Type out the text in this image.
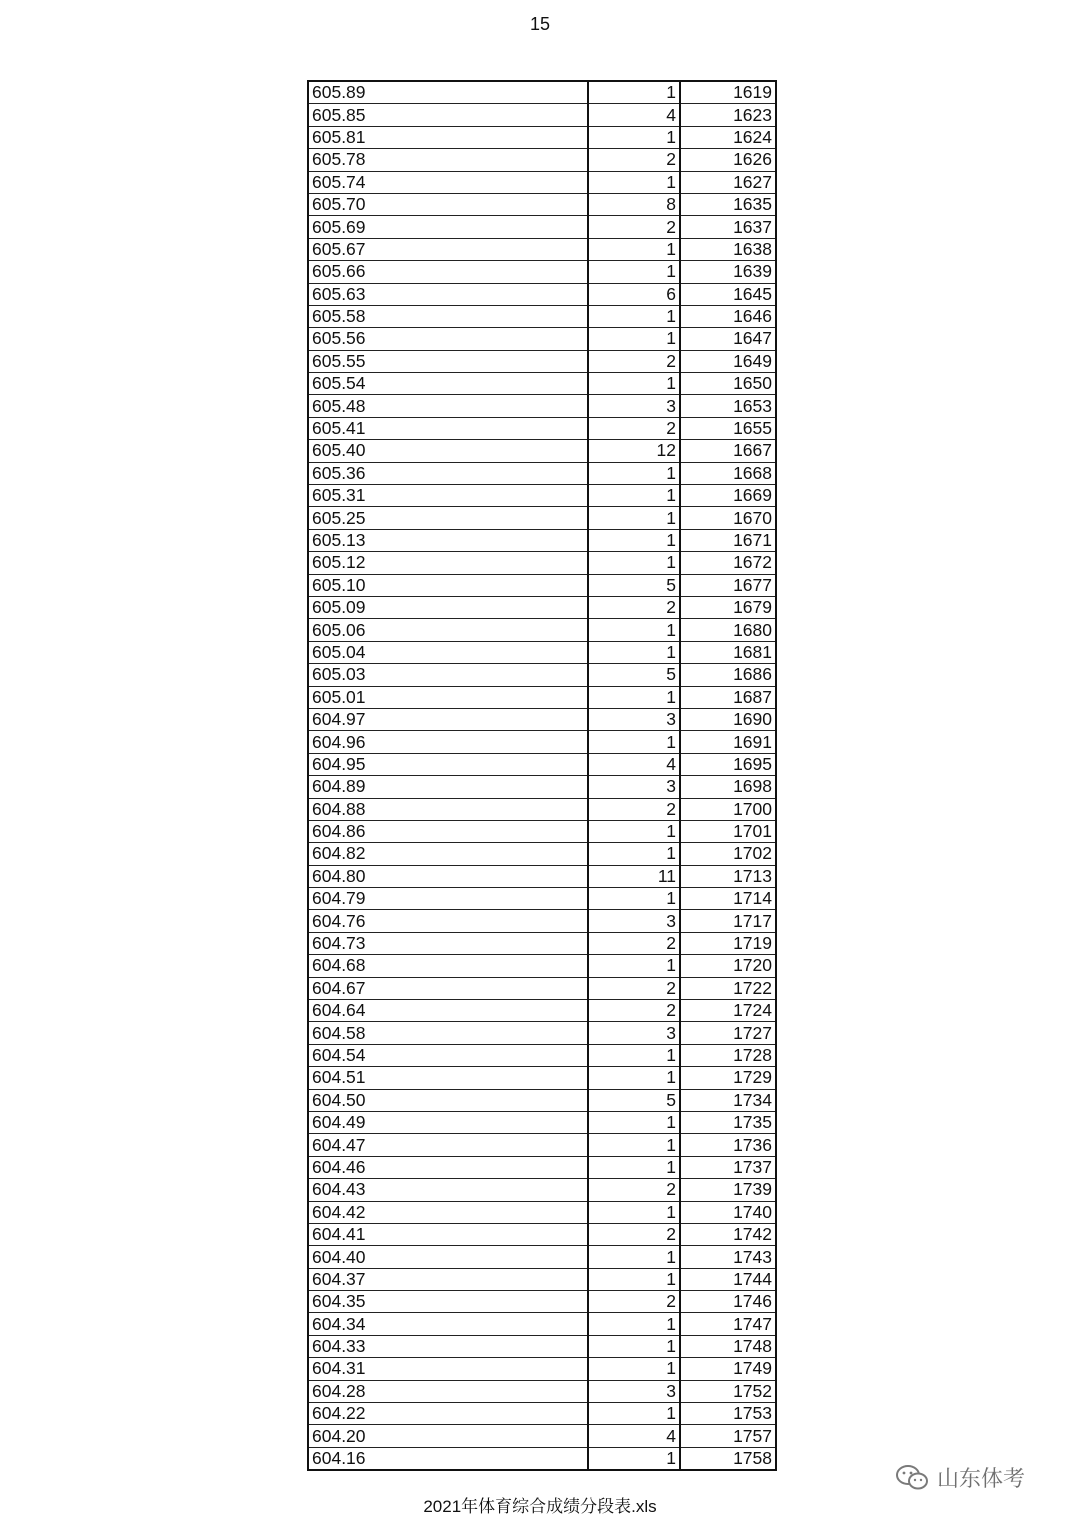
15
605.89	1	1619
605.85	4	1623
605.81	1	1624
605.78	2	1626
605.74	1	1627
605.70	8	1635
605.69	2	1637
605.67	1	1638
605.66	1	1639
605.63	6	1645
605.58	1	1646
605.56	1	1647
605.55	2	1649
605.54	1	1650
605.48	3	1653
605.41	2	1655
605.40	12	1667
605.36	1	1668
605.31	1	1669
605.25	1	1670
605.13	1	1671
605.12	1	1672
605.10	5	1677
605.09	2	1679
605.06	1	1680
605.04	1	1681
605.03	5	1686
605.01	1	1687
604.97	3	1690
604.96	1	1691
604.95	4	1695
604.89	3	1698
604.88	2	1700
604.86	1	1701
604.82	1	1702
604.80	11	1713
604.79	1	1714
604.76	3	1717
604.73	2	1719
604.68	1	1720
604.67	2	1722
604.64	2	1724
604.58	3	1727
604.54	1	1728
604.51	1	1729
604.50	5	1734
604.49	1	1735
604.47	1	1736
604.46	1	1737
604.43	2	1739
604.42	1	1740
604.41	2	1742
604.40	1	1743
604.37	1	1744
604.35	2	1746
604.34	1	1747
604.33	1	1748
604.31	1	1749
604.28	3	1752
604.22	1	1753
604.20	4	1757
604.16	1	1758
2021年体育综合成绩分段表.xls
山东体考
